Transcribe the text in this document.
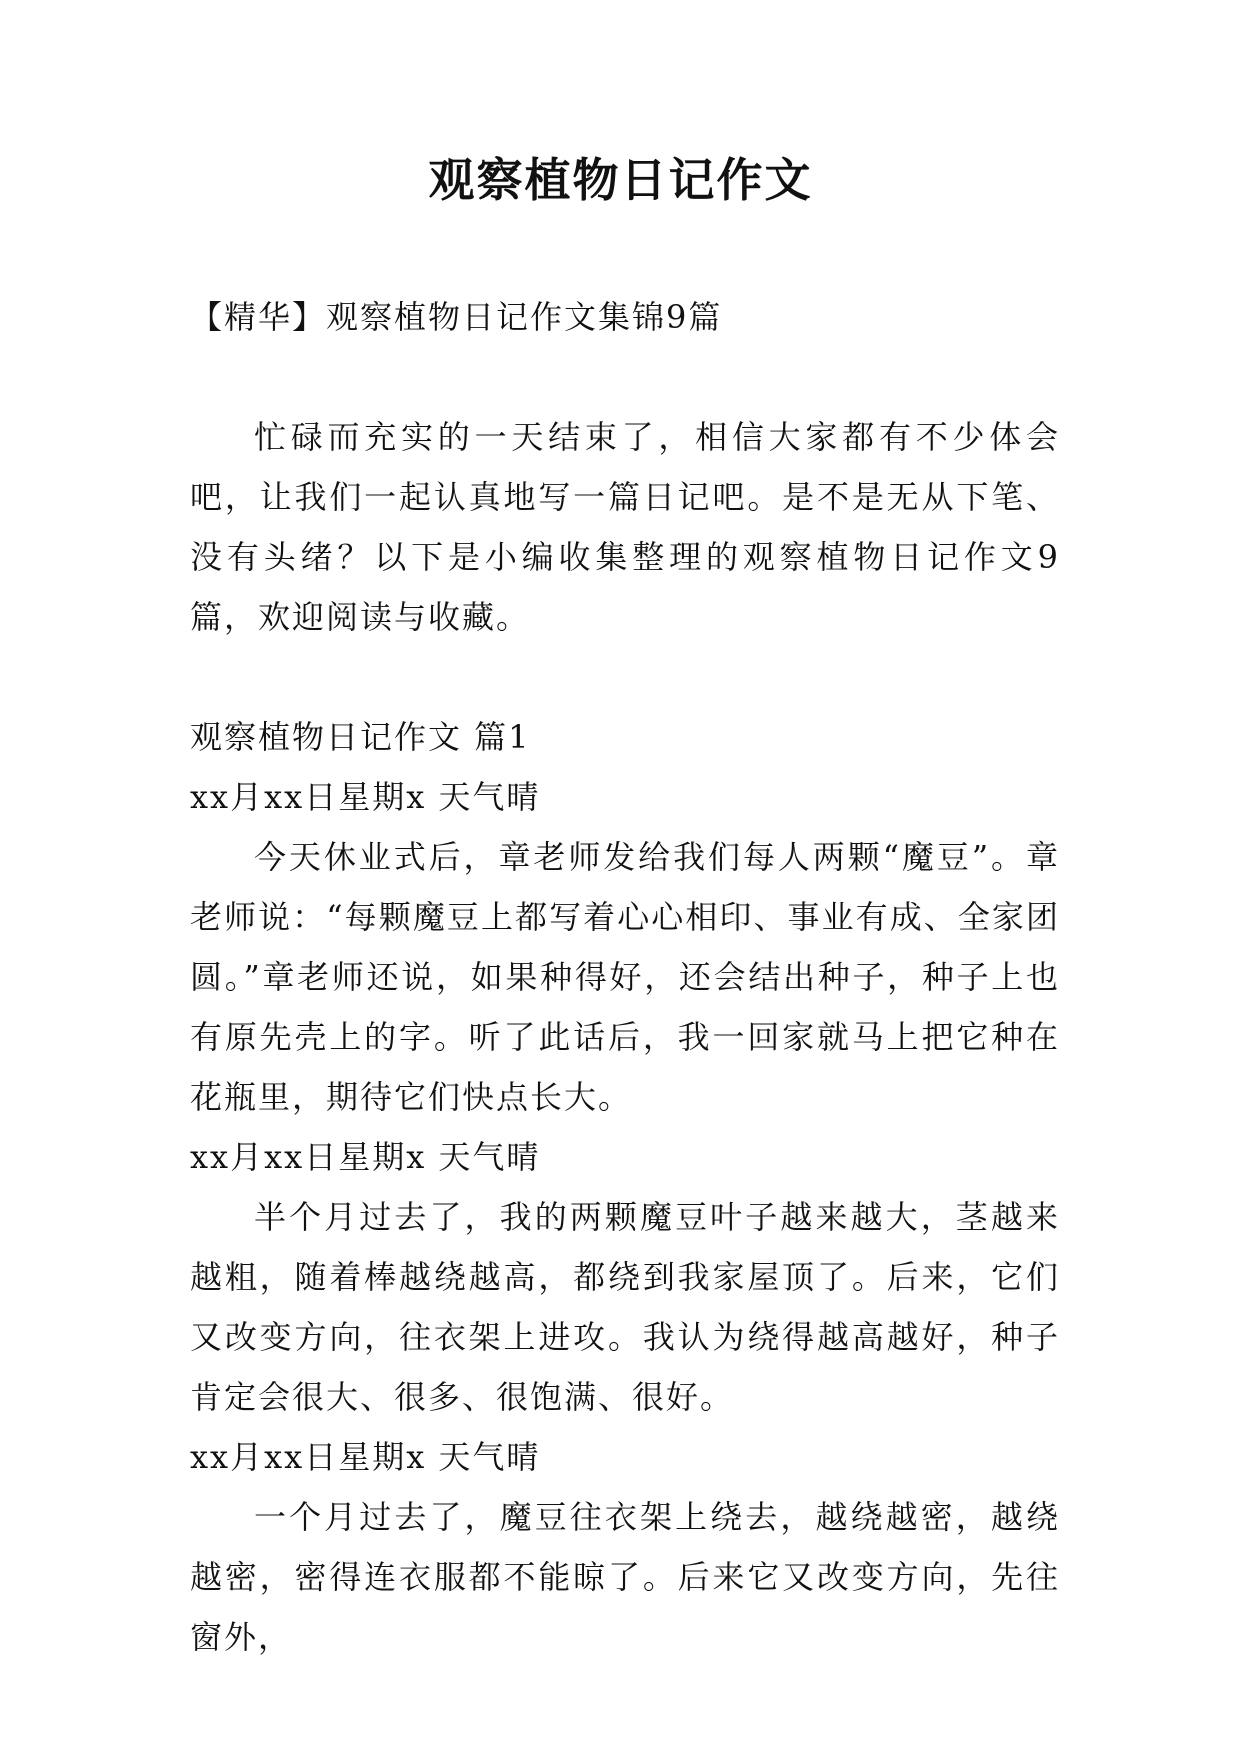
观察植物日记作文

【精华】观察植物日记作文集锦9篇

忙碌而充实的一天结束了，相信大家都有不少体会吧，让我们一起认真地写一篇日记吧。是不是无从下笔、没有头绪？以下是小编收集整理的观察植物日记作文9篇，欢迎阅读与收藏。

观察植物日记作文 篇1

xx月xx日星期x 天气晴

今天休业式后，章老师发给我们每人两颗“魔豆”。章老师说：“每颗魔豆上都写着心心相印、事业有成、全家团圆。”章老师还说，如果种得好，还会结出种子，种子上也有原先壳上的字。听了此话后，我一回家就马上把它种在花瓶里，期待它们快点长大。

xx月xx日星期x 天气晴

半个月过去了，我的两颗魔豆叶子越来越大，茎越来越粗，随着棒越绕越高，都绕到我家屋顶了。后来，它们又改变方向，往衣架上进攻。我认为绕得越高越好，种子肯定会很大、很多、很饱满、很好。

xx月xx日星期x 天气晴

一个月过去了，魔豆往衣架上绕去，越绕越密，越绕越密，密得连衣服都不能晾了。后来它又改变方向，先往窗外，
